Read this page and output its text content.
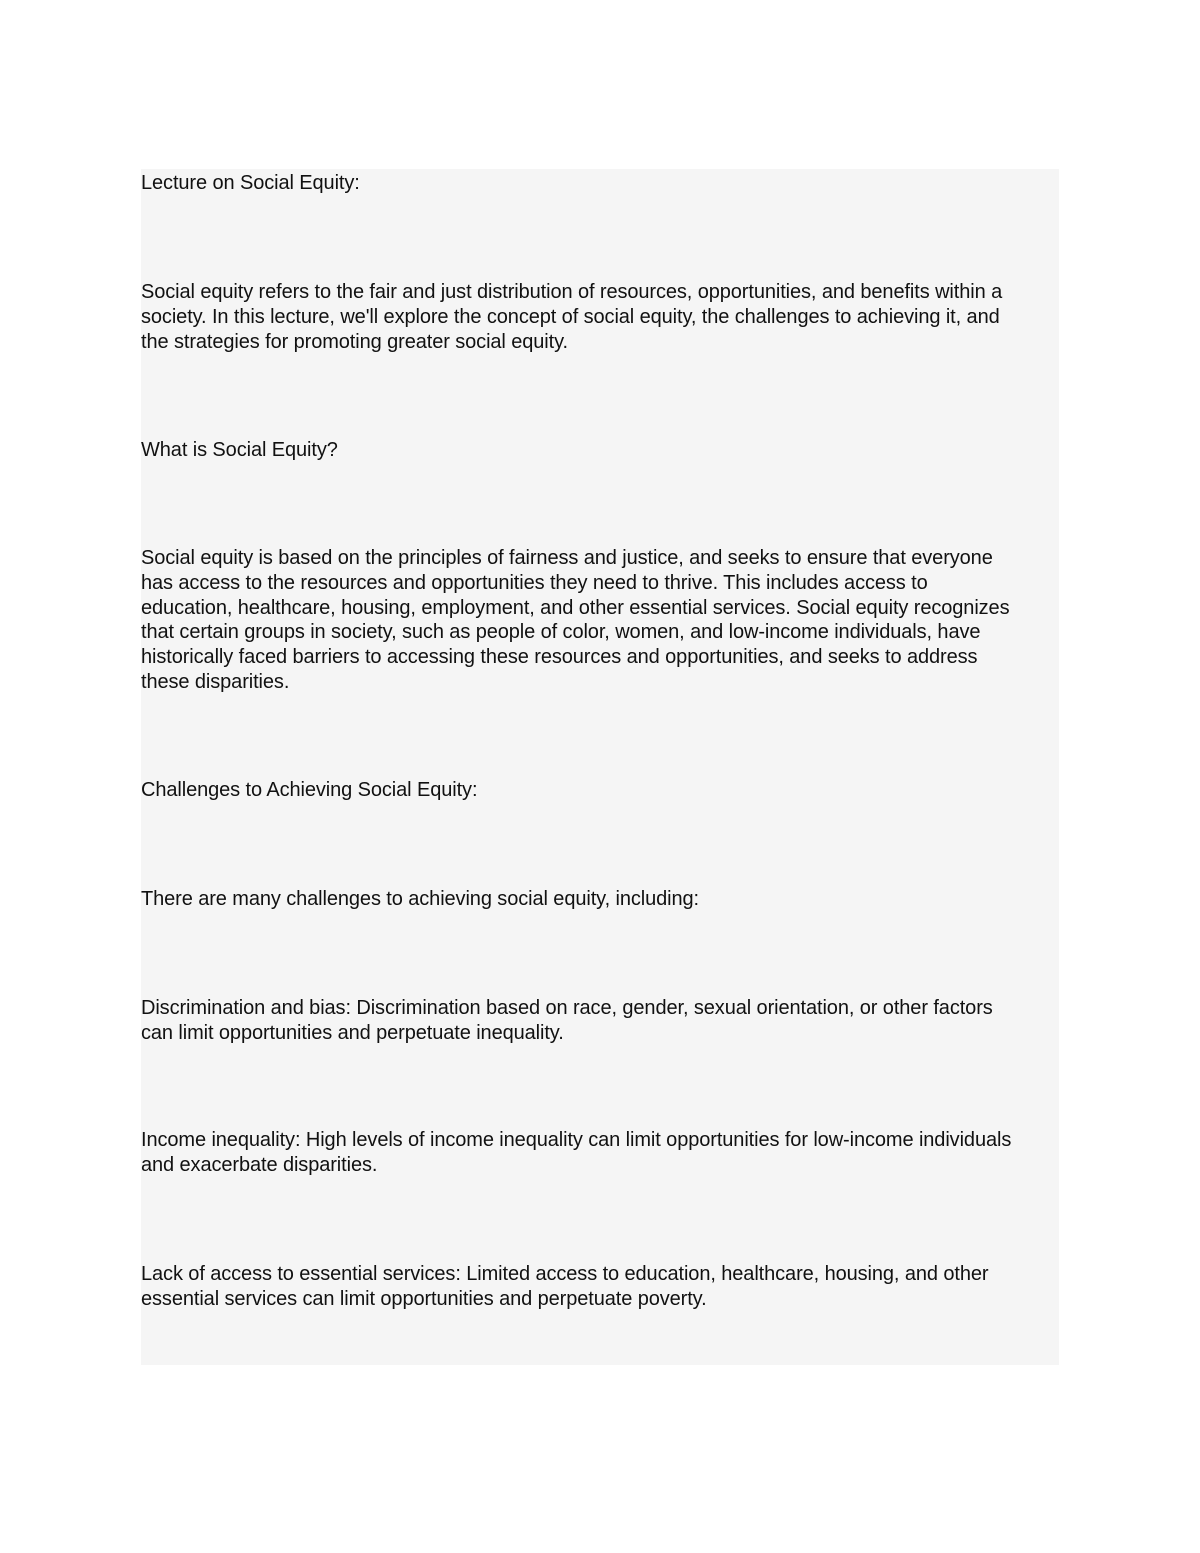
Lecture on Social Equity:

Social equity refers to the fair and just distribution of resources, opportunities, and benefits within a society. In this lecture, we'll explore the concept of social equity, the challenges to achieving it, and the strategies for promoting greater social equity.

What is Social Equity?

Social equity is based on the principles of fairness and justice, and seeks to ensure that everyone has access to the resources and opportunities they need to thrive. This includes access to education, healthcare, housing, employment, and other essential services. Social equity recognizes that certain groups in society, such as people of color, women, and low-income individuals, have historically faced barriers to accessing these resources and opportunities, and seeks to address these disparities.

Challenges to Achieving Social Equity:

There are many challenges to achieving social equity, including:

Discrimination and bias: Discrimination based on race, gender, sexual orientation, or other factors can limit opportunities and perpetuate inequality.

Income inequality: High levels of income inequality can limit opportunities for low-income individuals and exacerbate disparities.

Lack of access to essential services: Limited access to education, healthcare, housing, and other essential services can limit opportunities and perpetuate poverty.
